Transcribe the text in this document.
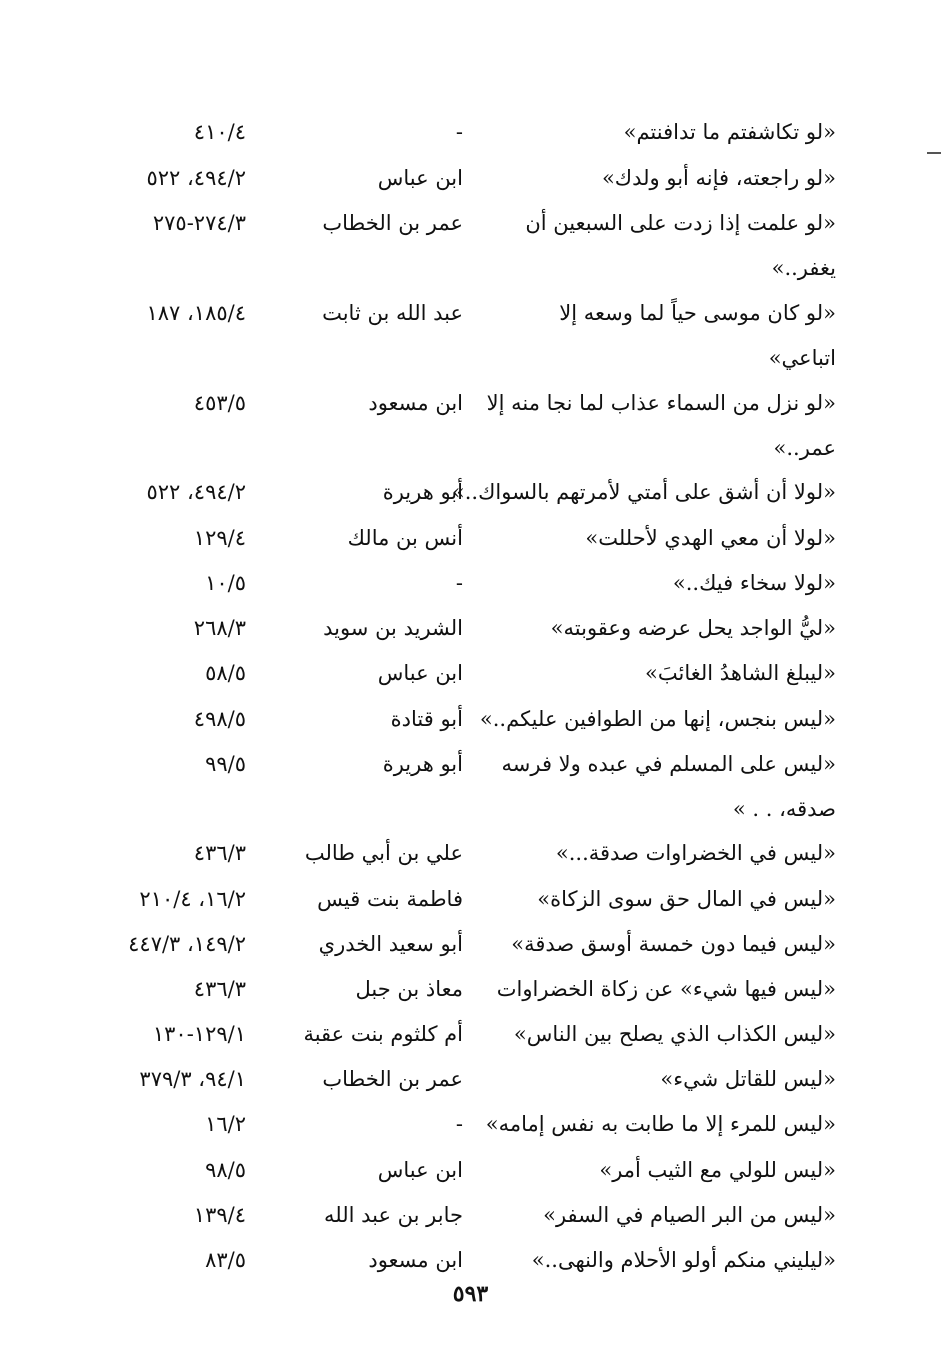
«لو تكاشفتم ما تدافنتم»
-
٤١٠/٤
«لو راجعته، فإنه أبو ولدك»
ابن عباس
٤٩٤/٢، ٥٢٢
«لو علمت إذا زدت على السبعين أن
يغفر..»
عمر بن الخطاب
٢٧٤/٣-٢٧٥
«لو كان موسى حياً لما وسعه إلا
اتباعي»
عبد الله بن ثابت
١٨٥/٤، ١٨٧
«لو نزل من السماء عذاب لما نجا منه إلا
عمر..»
ابن مسعود
٤٥٣/٥
«لولا أن أشق على أمتي لأمرتهم بالسواك..»
أبو هريرة
٤٩٤/٢، ٥٢٢
«لولا أن معي الهدي لأحللت»
أنس بن مالك
١٢٩/٤
«لولا سخاء فيك..»
-
١٠/٥
«ليُّ الواجد يحل عرضه وعقوبته»
الشريد بن سويد
٢٦٨/٣
«ليبلغ الشاهدُ الغائبَ»
ابن عباس
٥٨/٥
«ليس بنجس، إنها من الطوافين عليكم..»
أبو قتادة
٤٩٨/٥
«ليس على المسلم في عبده ولا فرسه
صدقه، . . »
أبو هريرة
٩٩/٥
«ليس في الخضراوات صدقة...»
علي بن أبي طالب
٤٣٦/٣
«ليس في المال حق سوى الزكاة»
فاطمة بنت قيس
١٦/٢، ٢١٠/٤
«ليس فيما دون خمسة أوسق صدقة»
أبو سعيد الخدري
١٤٩/٢، ٤٤٧/٣
«ليس فيها شيء» عن زكاة الخضراوات
معاذ بن جبل
٤٣٦/٣
«ليس الكذاب الذي يصلح بين الناس»
أم كلثوم بنت عقبة
١٢٩/١-١٣٠
«ليس للقاتل شيء»
عمر بن الخطاب
٩٤/١، ٣٧٩/٣
«ليس للمرء إلا ما طابت به نفس إمامه»
-
١٦/٢
«ليس للولي مع الثيب أمر»
ابن عباس
٩٨/٥
«ليس من البر الصيام في السفر»
جابر بن عبد الله
١٣٩/٤
«ليليني منكم أولو الأحلام والنهى..»
ابن مسعود
٨٣/٥
٥٩٣
